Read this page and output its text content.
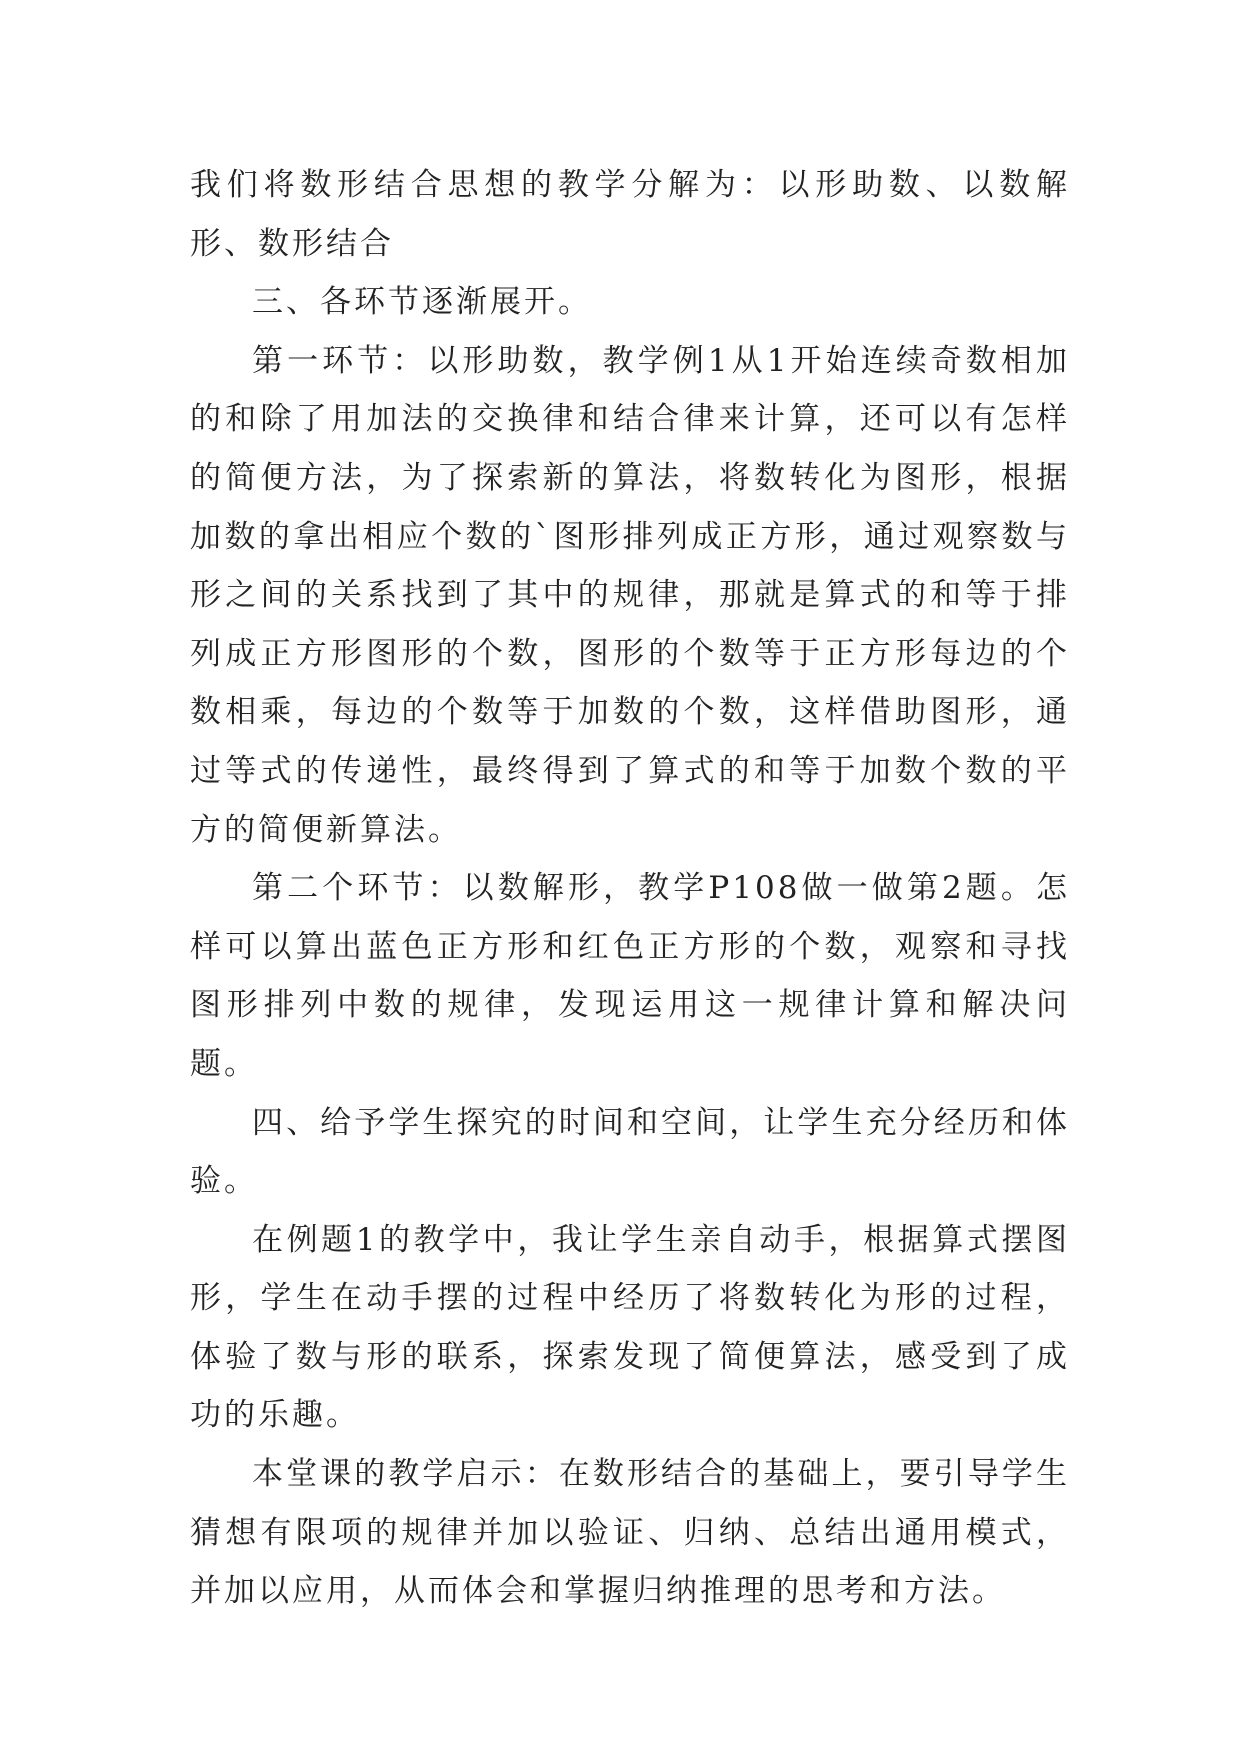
我们将数形结合思想的教学分解为：以形助数、以数解形、数形结合

三、各环节逐渐展开。

第一环节：以形助数，教学例1从1开始连续奇数相加的和除了用加法的交换律和结合律来计算，还可以有怎样的简便方法，为了探索新的算法，将数转化为图形，根据加数的拿出相应个数的`图形排列成正方形，通过观察数与形之间的关系找到了其中的规律，那就是算式的和等于排列成正方形图形的个数，图形的个数等于正方形每边的个数相乘，每边的个数等于加数的个数，这样借助图形，通过等式的传递性，最终得到了算式的和等于加数个数的平方的简便新算法。

第二个环节：以数解形，教学P108做一做第2题。怎样可以算出蓝色正方形和红色正方形的个数，观察和寻找图形排列中数的规律，发现运用这一规律计算和解决问题。

四、给予学生探究的时间和空间，让学生充分经历和体验。

在例题1的教学中，我让学生亲自动手，根据算式摆图形，学生在动手摆的过程中经历了将数转化为形的过程，体验了数与形的联系，探索发现了简便算法，感受到了成功的乐趣。

本堂课的教学启示：在数形结合的基础上，要引导学生猜想有限项的规律并加以验证、归纳、总结出通用模式，并加以应用，从而体会和掌握归纳推理的思考和方法。
